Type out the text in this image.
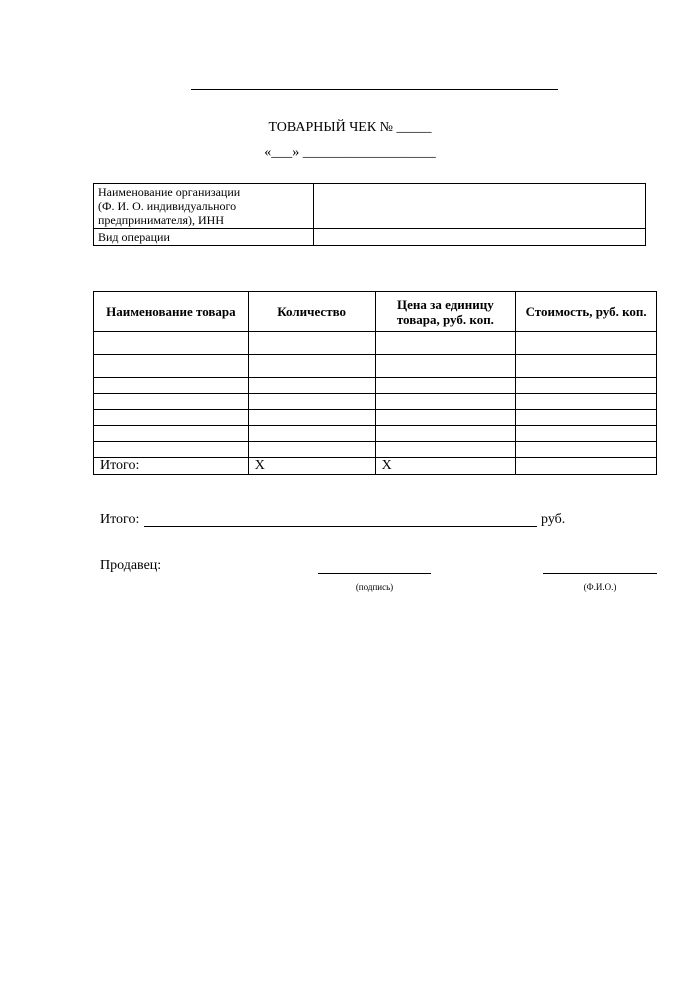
ТОВАРНЫЙ ЧЕК № _____
«___» ___________________
Наименование организации
(Ф. И. О. индивидуального
предпринимателя), ИНН	

Вид операции	
Наименование товара	Количество	Цена за единицу товара, руб. коп.	Стоимость, руб. коп.

Итого:	X	X	
Итого:	руб.
Продавец:
(подпись)	(Ф.И.О.)
